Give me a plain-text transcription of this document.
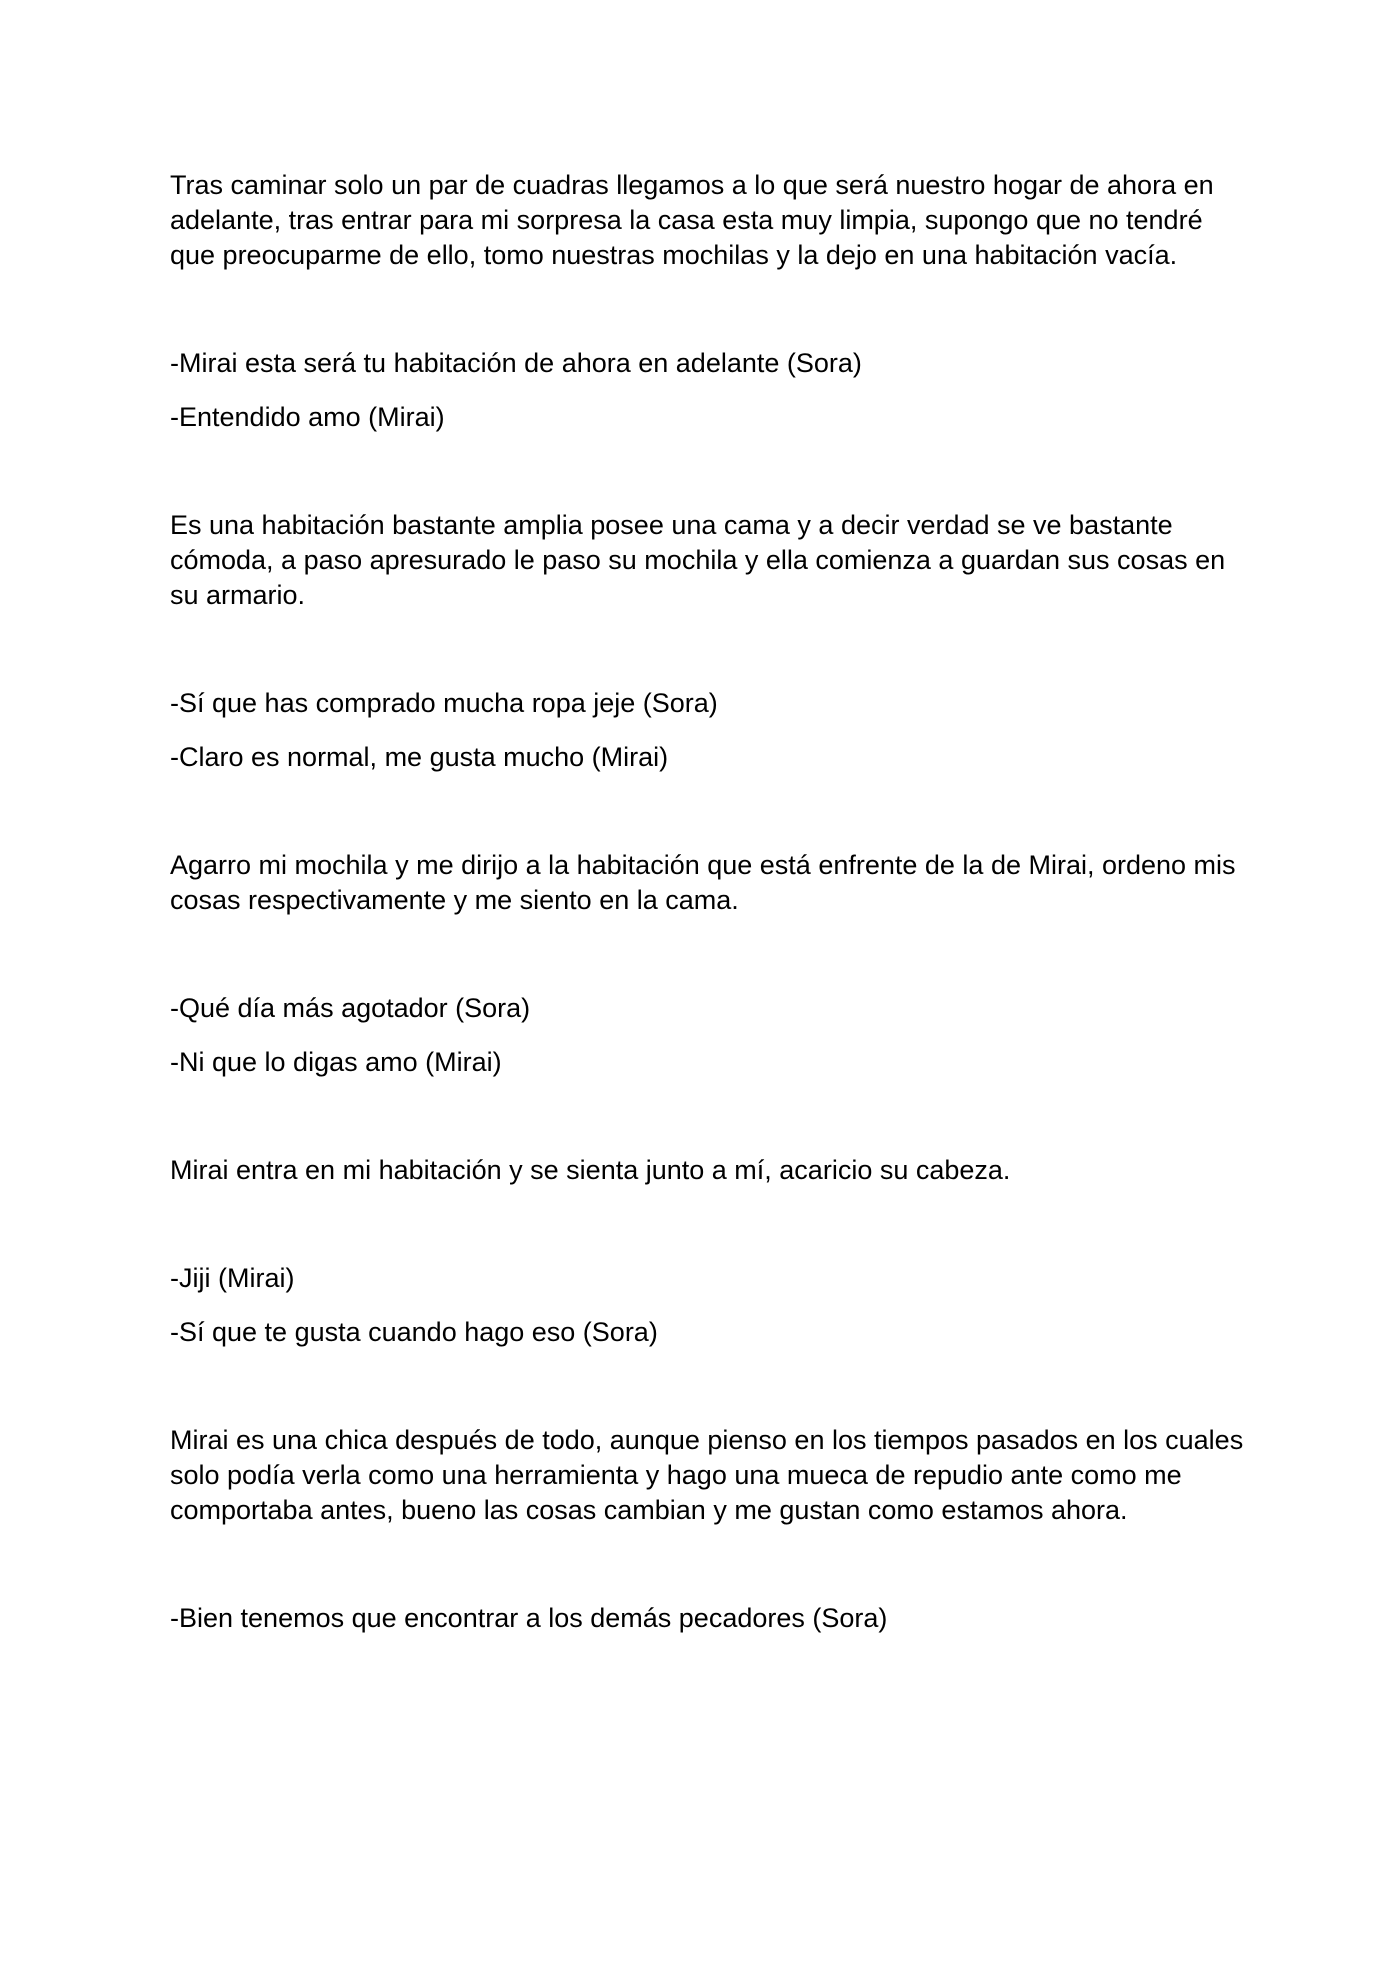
Tras caminar solo un par de cuadras llegamos a lo que será nuestro hogar de ahora en adelante, tras entrar para mi sorpresa la casa esta muy limpia, supongo que no tendré que preocuparme de ello, tomo nuestras mochilas y la dejo en una habitación vacía.

-Mirai esta será tu habitación de ahora en adelante (Sora)

-Entendido amo (Mirai)

Es una habitación bastante amplia posee una cama y a decir verdad se ve bastante cómoda, a paso apresurado le paso su mochila y ella comienza a guardan sus cosas en su armario.

-Sí que has comprado mucha ropa jeje (Sora)

-Claro es normal, me gusta mucho (Mirai)

Agarro mi mochila y me dirijo a la habitación que está enfrente de la de Mirai, ordeno mis cosas respectivamente y me siento en la cama.

-Qué día más agotador (Sora)

-Ni que lo digas amo (Mirai)

Mirai entra en mi habitación y se sienta junto a mí, acaricio su cabeza.

-Jiji (Mirai)

-Sí que te gusta cuando hago eso (Sora)

Mirai es una chica después de todo, aunque pienso en los tiempos pasados en los cuales solo podía verla como una herramienta y hago una mueca de repudio ante como me comportaba antes, bueno las cosas cambian y me gustan como estamos ahora.

-Bien tenemos que encontrar a los demás pecadores (Sora)
